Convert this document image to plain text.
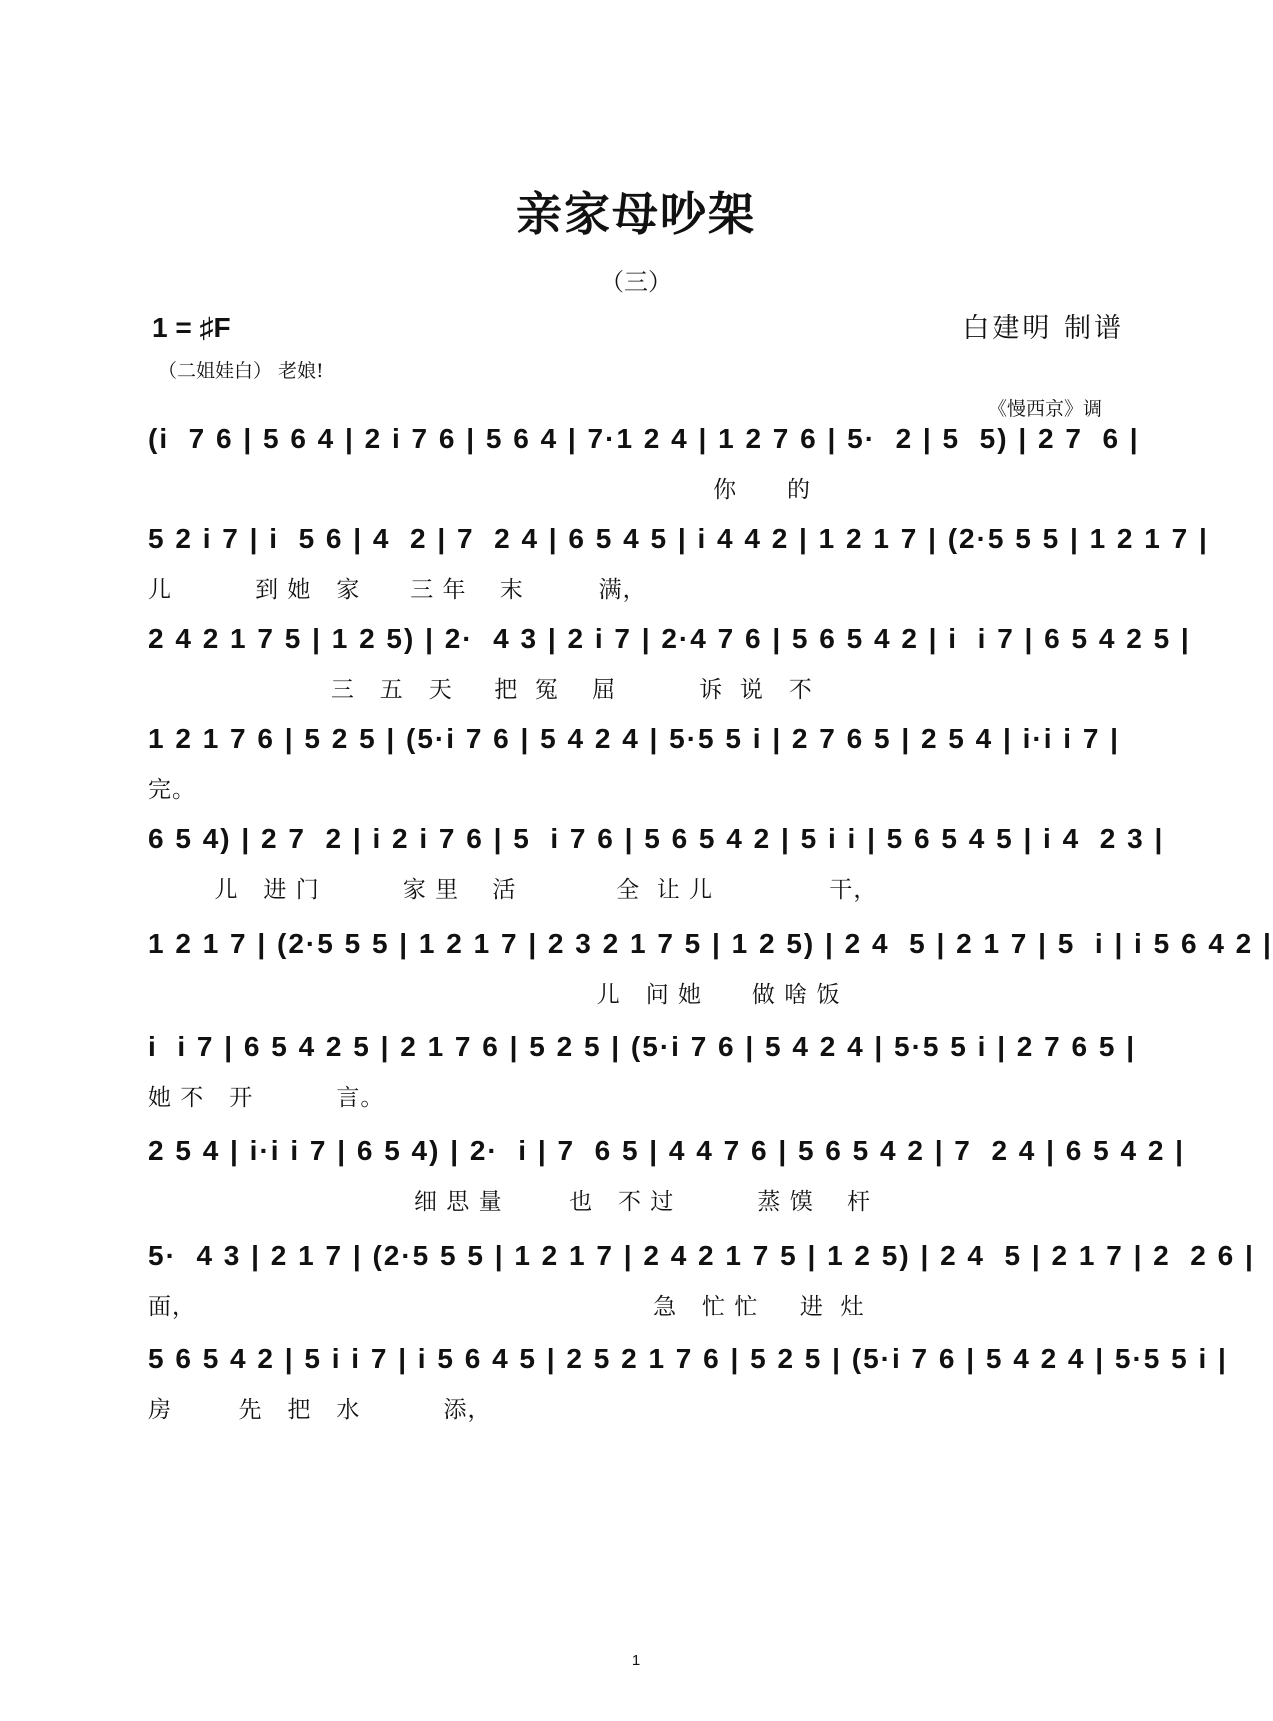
亲家母吵架
（三）
1 = ♯F	白建明 制谱
（二姐娃白） 老娘!
《慢西京》调
(i  7 6 | 5 6 4 | 2 i 7 6 | 5 6 4 | 7·1 2 4 | 1 2 7 6 | 5·  2 | 5  5) | 2 7  6 |
你      的
5 2 i 7 | i  5 6 | 4  2 | 7  2 4 | 6 5 4 5 | i 4 4 2 | 1 2 1 7 | (2·5 5 5 | 1 2 1 7 |
儿          到 她   家      三 年    末         满，
2 4 2 1 7 5 | 1 2 5) | 2·  4 3 | 2 i 7 | 2·4 7 6 | 5 6 5 4 2 | i  i 7 | 6 5 4 2 5 |
三   五   天     把  冤    屈          诉  说   不
1 2 1 7 6 | 5 2 5 | (5·i 7 6 | 5 4 2 4 | 5·5 5 i | 2 7 6 5 | 2 5 4 | i·i i 7 |
完。
6 5 4) | 2 7  2 | i 2 i 7 6 | 5  i 7 6 | 5 6 5 4 2 | 5 i i | 5 6 5 4 5 | i 4  2 3 |
儿   进 门          家 里    活            全  让 儿              干，
1 2 1 7 | (2·5 5 5 | 1 2 1 7 | 2 3 2 1 7 5 | 1 2 5) | 2 4  5 | 2 1 7 | 5  i | i 5 6 4 2 |
儿   问 她      做 啥 饭
i  i 7 | 6 5 4 2 5 | 2 1 7 6 | 5 2 5 | (5·i 7 6 | 5 4 2 4 | 5·5 5 i | 2 7 6 5 |
她 不   开          言。
2 5 4 | i·i i 7 | 6 5 4) | 2·  i | 7  6 5 | 4 4 7 6 | 5 6 5 4 2 | 7  2 4 | 6 5 4 2 |
细 思 量        也   不 过          蒸 馍    杆
5·  4 3 | 2 1 7 | (2·5 5 5 | 1 2 1 7 | 2 4 2 1 7 5 | 1 2 5) | 2 4  5 | 2 1 7 | 2  2 6 |
面，                                                       急   忙 忙     进  灶
5 6 5 4 2 | 5 i i 7 | i 5 6 4 5 | 2 5 2 1 7 6 | 5 2 5 | (5·i 7 6 | 5 4 2 4 | 5·5 5 i |
房        先   把   水          添，
1
